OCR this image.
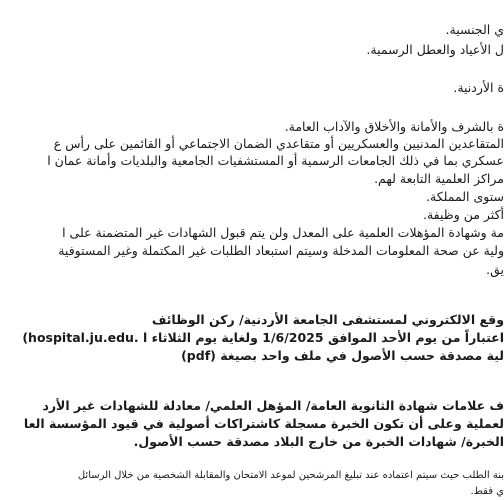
ي الجنسية.
ل الأعياد والعطل الرسمية.
ة الأردنية.
ة بالشرف والأمانة والأخلاق والآداب العامة.
المتقاعدين المدنيين والعسكريين أو متقاعدي الضمان الاجتماعي أو القائمين على رأس ع
عسكري بما في ذلك الجامعات الرسمية أو المستشفيات الجامعية والبلديات وأمانة عمان ا
مراكز العلمية التابعة لهم.
ستوى المملكة.
أكثر من وظيفة.
مة وشهادة المؤهلات العلمية على المعدل ولن يتم قبول الشهادات غير المتضمنة على ا
ولية عن صحة المعلومات المدخلة وسيتم استبعاد الطلبات غير المكتملة وغير المستوفية
يق.
وقع الالكتروني لمستشفى الجامعة الأردنية/ ركن الوظائف
(hospital.ju.edu. اعتباراً من يوم الأحد الموافق 1/6/2025 ولغاية يوم الثلاثاء ا
لية مصدقة حسب الأصول في ملف واحد بصيغة (pdf)
ف علامات شهادة الثانوية العامة/ المؤهل العلمي/ معادلة للشهادات غير الأرد
لعملية وعلى أن تكون الخبرة مسجلة كاشتراكات أصولية في قيود المؤسسة العا
الخبرة/ شهادات الخبرة من خارج البلاد مصدقة حسب الأصول.
بنة الطلب حيث سيتم اعتماده عند تبليغ المرشحين لموعد الامتحان والمقابلة الشخصية من خلال الرسائل
ي فقط.
